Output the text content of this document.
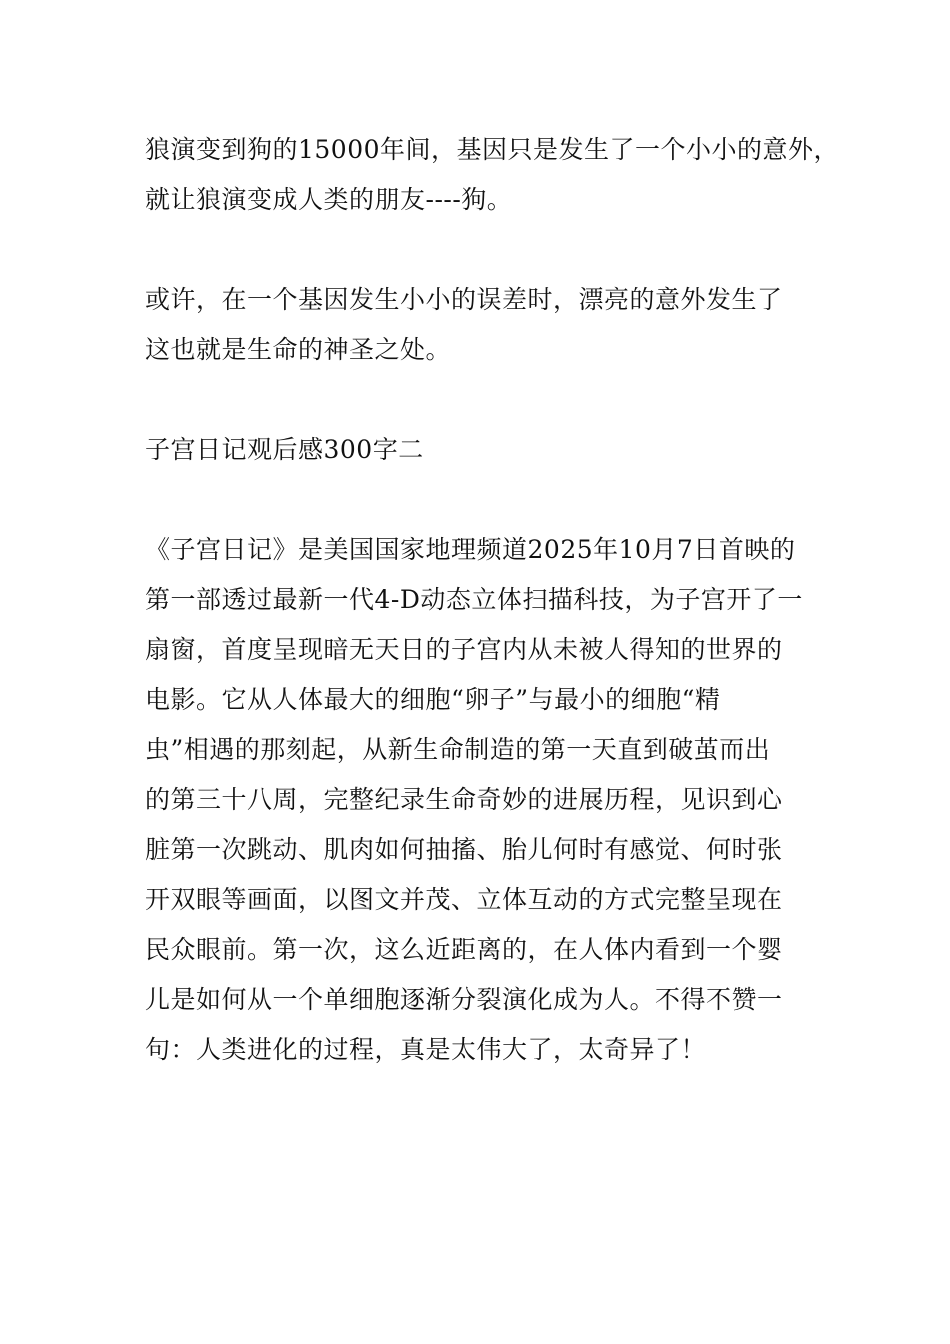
狼演变到狗的15000年间，基因只是发生了一个小小的意外，
就让狼演变成人类的朋友----狗。
或许，在一个基因发生小小的误差时，漂亮的意外发生了
这也就是生命的神圣之处。
子宫日记观后感300字二
《子宫日记》是美国国家地理频道2025年10月7日首映的
第一部透过最新一代4-D动态立体扫描科技，为子宫开了一
扇窗，首度呈现暗无天日的子宫内从未被人得知的世界的
电影。它从人体最大的细胞“卵子”与最小的细胞“精
虫”相遇的那刻起，从新生命制造的第一天直到破茧而出
的第三十八周，完整纪录生命奇妙的进展历程，见识到心
脏第一次跳动、肌肉如何抽搐、胎儿何时有感觉、何时张
开双眼等画面，以图文并茂、立体互动的方式完整呈现在
民众眼前。第一次，这么近距离的，在人体内看到一个婴
儿是如何从一个单细胞逐渐分裂演化成为人。不得不赞一
句：人类进化的过程，真是太伟大了，太奇异了！
